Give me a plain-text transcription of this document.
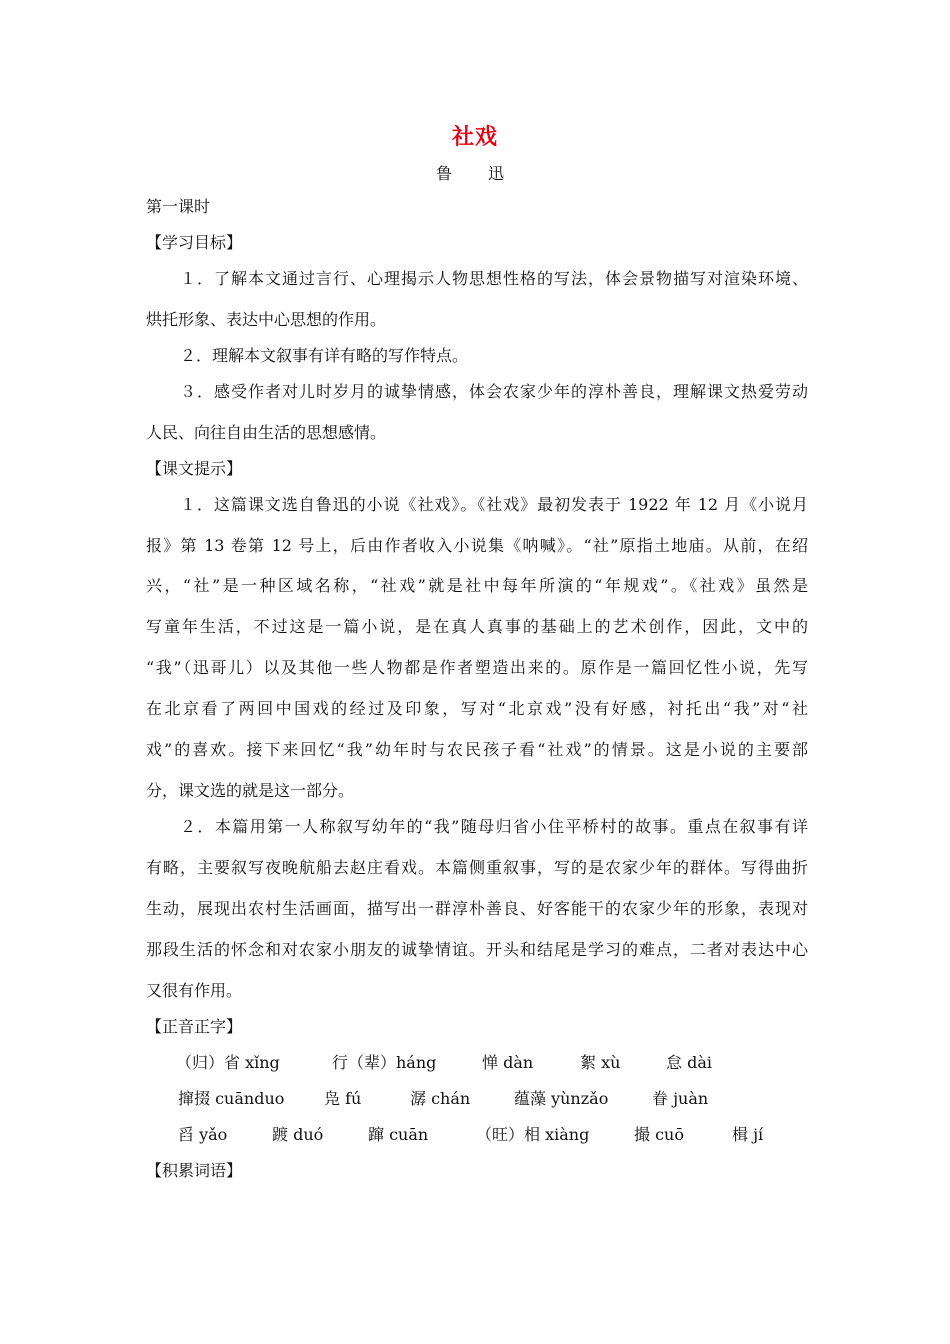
社戏
鲁　迅
第一课时
【学习目标】
１．了解本文通过言行、心理揭示人物思想性格的写法，体会景物描写对渲染环境、
烘托形象、表达中心思想的作用。
２．理解本文叙事有详有略的写作特点。
３．感受作者对儿时岁月的诚挚情感，体会农家少年的淳朴善良，理解课文热爱劳动
人民、向往自由生活的思想感情。
【课文提示】
１．这篇课文选自鲁迅的小说《社戏》。《社戏》最初发表于 1922 年 12 月《小说月
报》第 13 卷第 12 号上，后由作者收入小说集《呐喊》。“社”原指土地庙。从前，在绍
兴，“社”是一种区域名称，“社戏”就是社中每年所演的“年规戏”。《社戏》虽然是
写童年生活，不过这是一篇小说，是在真人真事的基础上的艺术创作，因此，文中的
“我”（迅哥儿）以及其他一些人物都是作者塑造出来的。原作是一篇回忆性小说，先写
在北京看了两回中国戏的经过及印象，写对“北京戏”没有好感，衬托出“我”对“社
戏”的喜欢。接下来回忆“我”幼年时与农民孩子看“社戏”的情景。这是小说的主要部
分，课文选的就是这一部分。
２．本篇用第一人称叙写幼年的“我”随母归省小住平桥村的故事。重点在叙事有详
有略，主要叙写夜晚航船去赵庄看戏。本篇侧重叙事，写的是农家少年的群体。写得曲折
生动，展现出农村生活画面，描写出一群淳朴善良、好客能干的农家少年的形象，表现对
那段生活的怀念和对农家小朋友的诚挚情谊。开头和结尾是学习的难点，二者对表达中心
又很有作用。
【正音正字】
（归）省 xǐng	行（辈）háng	惮 dàn	絮 xù	怠 dài
撺掇 cuānduo 凫 fú	潺 chán	蕴藻 yùnzǎo	眷 juàn
舀 yǎo	踱 duó	蹿 cuān	（旺）相 xiàng	撮 cuō	楫 jí
【积累词语】
